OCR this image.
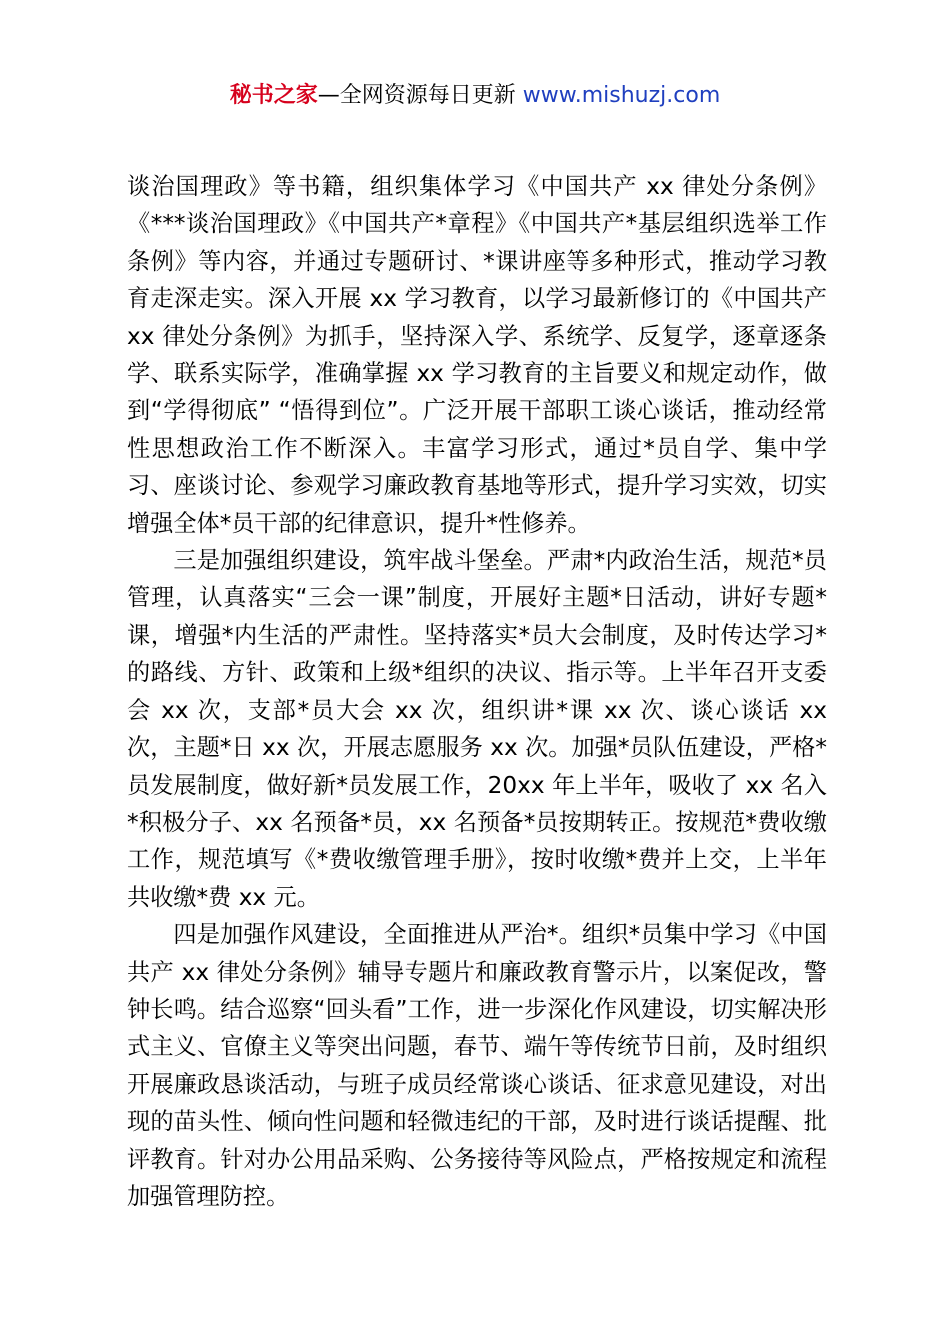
秘书之家—全网资源每日更新 www.mishuzj.com

谈治国理政》等书籍，组织集体学习《中国共产 xx 律处分条例》《***谈治国理政》《中国共产*章程》《中国共产*基层组织选举工作条例》等内容，并通过专题研讨、*课讲座等多种形式，推动学习教育走深走实。深入开展 xx 学习教育，以学习最新修订的《中国共产 xx 律处分条例》为抓手，坚持深入学、系统学、反复学，逐章逐条学、联系实际学，准确掌握 xx 学习教育的主旨要义和规定动作，做到“学得彻底” “悟得到位”。广泛开展干部职工谈心谈话，推动经常性思想政治工作不断深入。丰富学习形式，通过*员自学、集中学习、座谈讨论、参观学习廉政教育基地等形式，提升学习实效，切实增强全体*员干部的纪律意识，提升*性修养。

三是加强组织建设，筑牢战斗堡垒。严肃*内政治生活，规范*员管理，认真落实“三会一课”制度，开展好主题*日活动，讲好专题*课，增强*内生活的严肃性。坚持落实*员大会制度，及时传达学习*的路线、方针、政策和上级*组织的决议、指示等。上半年召开支委会 xx 次，支部*员大会 xx 次，组织讲*课 xx 次、谈心谈话 xx 次，主题*日 xx 次，开展志愿服务 xx 次。加强*员队伍建设，严格*员发展制度，做好新*员发展工作，20xx 年上半年，吸收了 xx 名入*积极分子、xx 名预备*员，xx 名预备*员按期转正。按规范*费收缴工作，规范填写《*费收缴管理手册》，按时收缴*费并上交，上半年共收缴*费 xx 元。

四是加强作风建设，全面推进从严治*。组织*员集中学习《中国共产 xx 律处分条例》辅导专题片和廉政教育警示片，以案促改，警钟长鸣。结合巡察“回头看”工作，进一步深化作风建设，切实解决形式主义、官僚主义等突出问题，春节、端午等传统节日前，及时组织开展廉政恳谈活动，与班子成员经常谈心谈话、征求意见建设，对出现的苗头性、倾向性问题和轻微违纪的干部，及时进行谈话提醒、批评教育。针对办公用品采购、公务接待等风险点，严格按规定和流程加强管理防控。
